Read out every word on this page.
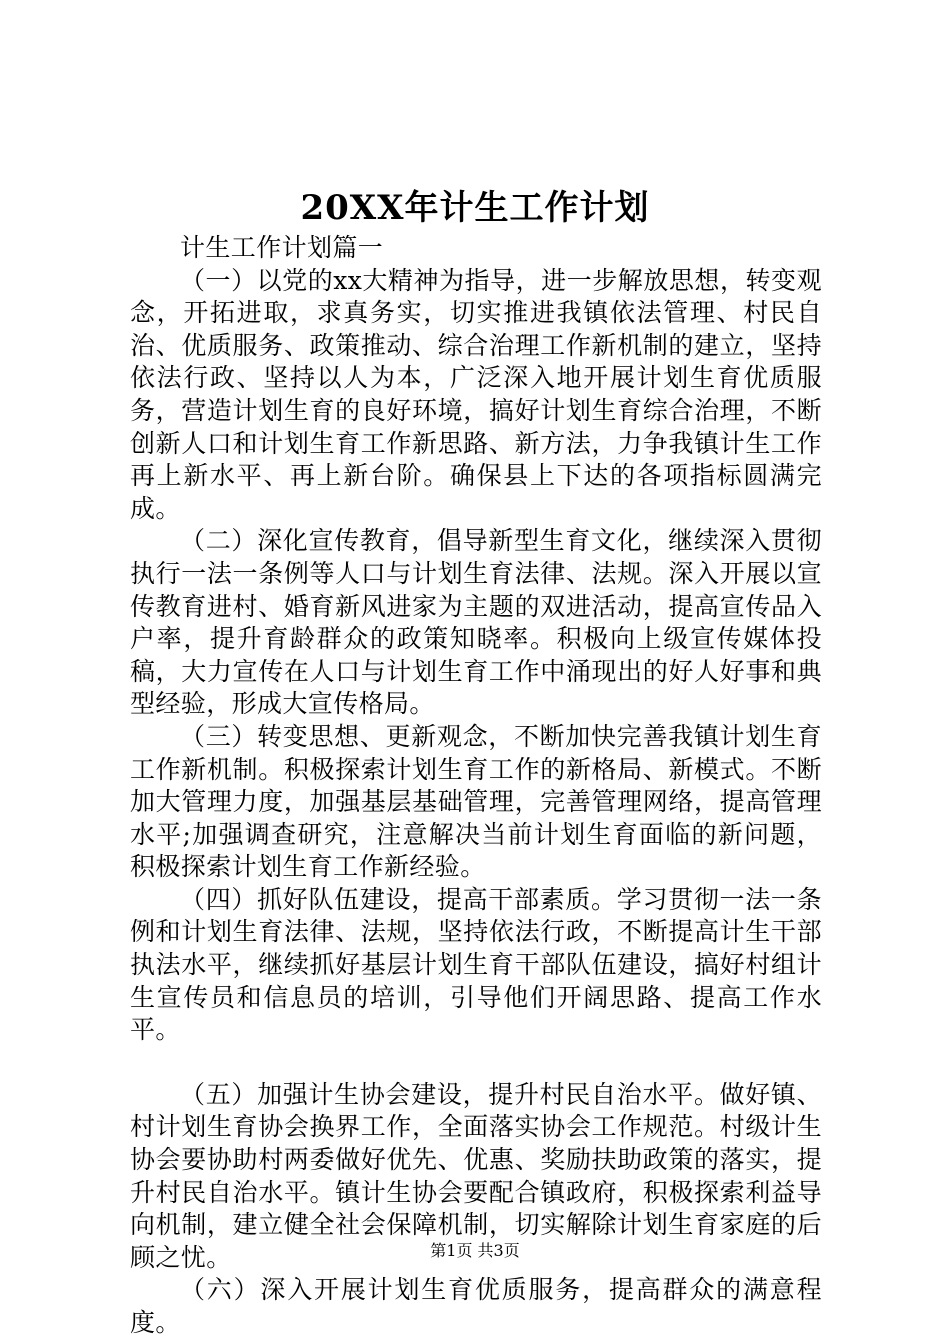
20XX年计生工作计划

计生工作计划篇一

（一）以党的xx大精神为指导，进一步解放思想，转变观念，开拓进取，求真务实，切实推进我镇依法管理、村民自治、优质服务、政策推动、综合治理工作新机制的建立，坚持依法行政、坚持以人为本，广泛深入地开展计划生育优质服务，营造计划生育的良好环境，搞好计划生育综合治理，不断创新人口和计划生育工作新思路、新方法，力争我镇计生工作再上新水平、再上新台阶。确保县上下达的各项指标圆满完成。

（二）深化宣传教育，倡导新型生育文化，继续深入贯彻执行一法一条例等人口与计划生育法律、法规。深入开展以宣传教育进村、婚育新风进家为主题的双进活动，提高宣传品入户率，提升育龄群众的政策知晓率。积极向上级宣传媒体投稿，大力宣传在人口与计划生育工作中涌现出的好人好事和典型经验，形成大宣传格局。

（三）转变思想、更新观念，不断加快完善我镇计划生育工作新机制。积极探索计划生育工作的新格局、新模式。不断加大管理力度，加强基层基础管理，完善管理网络，提高管理水平;加强调查研究，注意解决当前计划生育面临的新问题，积极探索计划生育工作新经验。

（四）抓好队伍建设，提高干部素质。学习贯彻一法一条例和计划生育法律、法规，坚持依法行政，不断提高计生干部执法水平，继续抓好基层计划生育干部队伍建设，搞好村组计生宣传员和信息员的培训，引导他们开阔思路、提高工作水平。

（五）加强计生协会建设，提升村民自治水平。做好镇、村计划生育协会换界工作，全面落实协会工作规范。村级计生协会要协助村两委做好优先、优惠、奖励扶助政策的落实，提升村民自治水平。镇计生协会要配合镇政府，积极探索利益导向机制，建立健全社会保障机制，切实解除计划生育家庭的后顾之忧。

（六）深入开展计划生育优质服务，提高群众的满意程度。

第1页 共3页
